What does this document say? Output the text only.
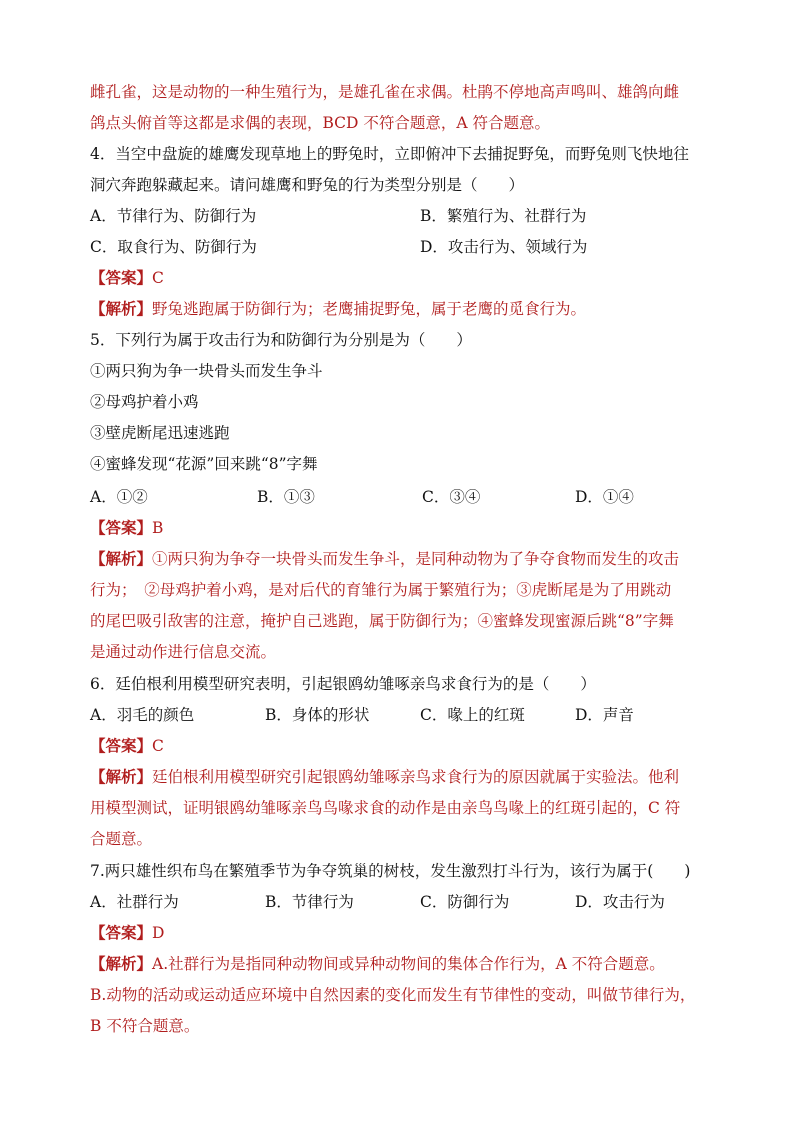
雌孔雀，这是动物的一种生殖行为，是雄孔雀在求偶。杜鹃不停地高声鸣叫、雄鸽向雌
鸽点头俯首等这都是求偶的表现，BCD 不符合题意，A 符合题意。
4．当空中盘旋的雄鹰发现草地上的野兔时，立即俯冲下去捕捉野兔，而野兔则飞快地往
洞穴奔跑躲藏起来。请问雄鹰和野兔的行为类型分别是（　　）
A．节律行为、防御行为	B．繁殖行为、社群行为
C．取食行为、防御行为	D．攻击行为、领域行为
【答案】C
【解析】野兔逃跑属于防御行为；老鹰捕捉野兔，属于老鹰的觅食行为。
5．下列行为属于攻击行为和防御行为分别是为（　　）
①两只狗为争一块骨头而发生争斗
②母鸡护着小鸡
③壁虎断尾迅速逃跑
④蜜蜂发现“花源”回来跳“8”字舞
A．①②	B．①③	C．③④	D．①④
【答案】B
【解析】①两只狗为争夺一块骨头而发生争斗，是同种动物为了争夺食物而发生的攻击
行为；　②母鸡护着小鸡，是对后代的育雏行为属于繁殖行为；③虎断尾是为了用跳动
的尾巴吸引敌害的注意，掩护自己逃跑，属于防御行为；④蜜蜂发现蜜源后跳“8”字舞
是通过动作进行信息交流。
6．廷伯根利用模型研究表明，引起银鸥幼雏啄亲鸟求食行为的是（　　）
A．羽毛的颜色	B．身体的形状	C．喙上的红斑	D．声音
【答案】C
【解析】廷伯根利用模型研究引起银鸥幼雏啄亲鸟求食行为的原因就属于实验法。他利
用模型测试，证明银鸥幼雏啄亲鸟鸟喙求食的动作是由亲鸟鸟喙上的红斑引起的，C 符
合题意。
7.两只雄性织布鸟在繁殖季节为争夺筑巢的树枝，发生激烈打斗行为，该行为属于(　　)
A．社群行为	B．节律行为	C．防御行为	D．攻击行为
【答案】D
【解析】A.社群行为是指同种动物间或异种动物间的集体合作行为，A 不符合题意。
B.动物的活动或运动适应环境中自然因素的变化而发生有节律性的变动，叫做节律行为，
B 不符合题意。
